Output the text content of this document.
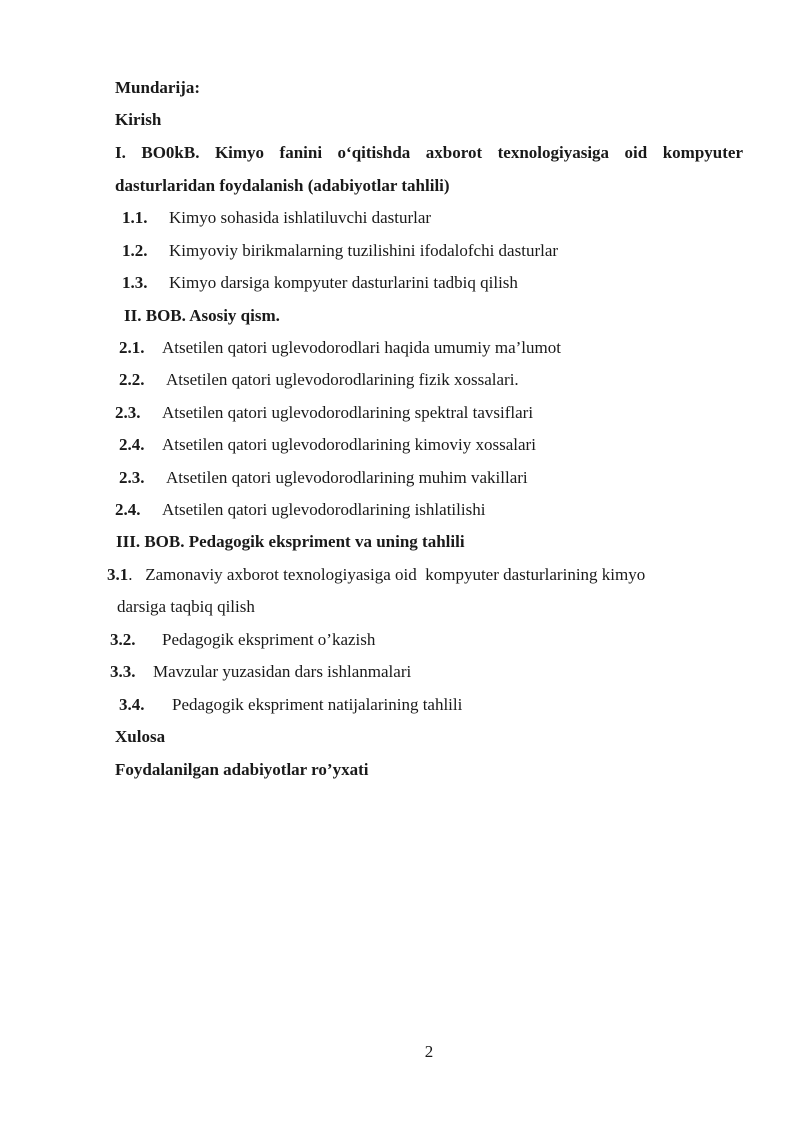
Mundarija:
Kirish
I. BO0kB. Kimyo fanini o‘qitishda axborot texnologiyasiga oid kompyuter
dasturlaridan foydalanish (adabiyotlar tahlili)
1.1. Kimyo sohasida ishlatiluvchi dasturlar
1.2. Kimyoviy birikmalarning tuzilishini ifodalofchi dasturlar
1.3. Kimyo darsiga kompyuter dasturlarini tadbiq qilish
II. BOB. Asosiy qism.
2.1. Atsetilen qatori uglevodorodlari haqida umumiy ma’lumot
2.2. Atsetilen qatori uglevodorodlarining fizik xossalari.
2.3. Atsetilen qatori uglevodorodlarining spektral tavsiflari
2.4. Atsetilen qatori uglevodorodlarining kimoviy xossalari
2.3. Atsetilen qatori uglevodorodlarining muhim vakillari
2.4. Atsetilen qatori uglevodorodlarining ishlatilishi
III. BOB. Pedagogik ekspriment va uning tahlili
3.1.   Zamonaviy axborot texnologiyasiga oid  kompyuter dasturlarining kimyo
darsiga taqbiq qilish
3.2. Pedagogik ekspriment o’kazish
3.3. Mavzular yuzasidan dars ishlanmalari
3.4. Pedagogik ekspriment natijalarining tahlili
Xulosa
Foydalanilgan adabiyotlar ro’yxati
2
